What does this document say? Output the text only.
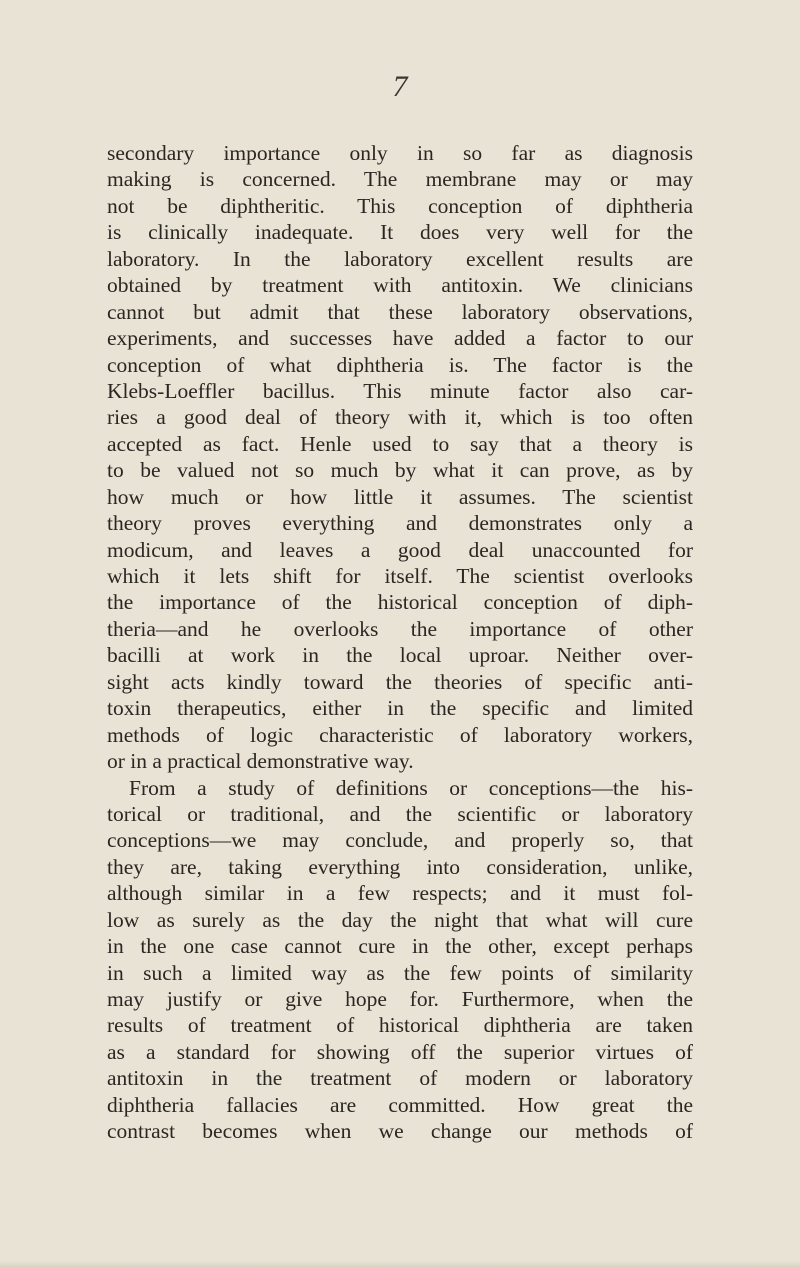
7
secondary importance only in so far as diagnosis
making is concerned. The membrane may or may
not be diphtheritic. This conception of diphtheria
is clinically inadequate. It does very well for the
laboratory. In the laboratory excellent results are
obtained by treatment with antitoxin. We clinicians
cannot but admit that these laboratory observations,
experiments, and successes have added a factor to our
conception of what diphtheria is. The factor is the
Klebs-Loeffler bacillus. This minute factor also car-
ries a good deal of theory with it, which is too often
accepted as fact. Henle used to say that a theory is
to be valued not so much by what it can prove, as by
how much or how little it assumes. The scientist
theory proves everything and demonstrates only a
modicum, and leaves a good deal unaccounted for
which it lets shift for itself. The scientist overlooks
the importance of the historical conception of diph-
theria—and he overlooks the importance of other
bacilli at work in the local uproar. Neither over-
sight acts kindly toward the theories of specific anti-
toxin therapeutics, either in the specific and limited
methods of logic characteristic of laboratory workers,
or in a practical demonstrative way.
From a study of definitions or conceptions—the his-
torical or traditional, and the scientific or laboratory
conceptions—we may conclude, and properly so, that
they are, taking everything into consideration, unlike,
although similar in a few respects; and it must fol-
low as surely as the day the night that what will cure
in the one case cannot cure in the other, except perhaps
in such a limited way as the few points of similarity
may justify or give hope for. Furthermore, when the
results of treatment of historical diphtheria are taken
as a standard for showing off the superior virtues of
antitoxin in the treatment of modern or laboratory
diphtheria fallacies are committed. How great the
contrast becomes when we change our methods of
